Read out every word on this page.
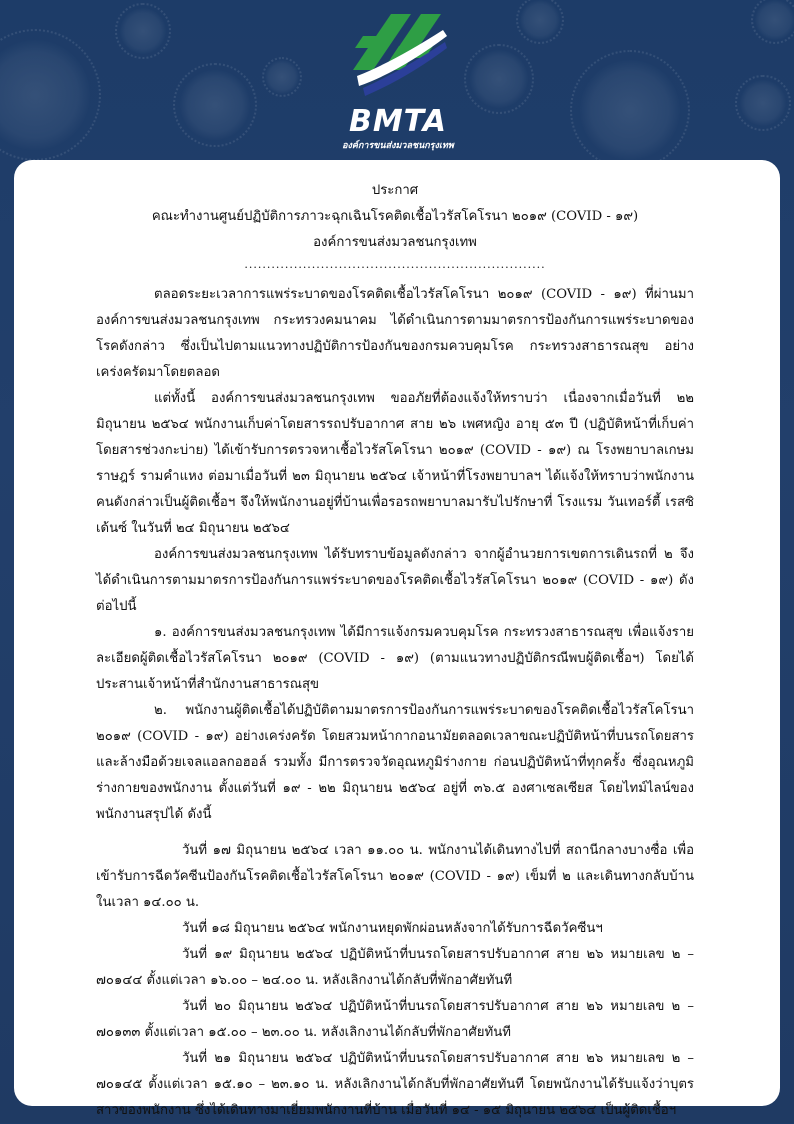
BMTA
องค์การขนส่งมวลชนกรุงเทพ
ประกาศ
คณะทำงานศูนย์ปฏิบัติการภาวะฉุกเฉินโรคติดเชื้อไวรัสโคโรนา ๒๐๑๙ (COVID - ๑๙)
องค์การขนส่งมวลชนกรุงเทพ
...................................................................

ตลอดระยะเวลาการแพร่ระบาดของโรคติดเชื้อไวรัสโคโรนา ๒๐๑๙ (COVID - ๑๙) ที่ผ่านมาองค์การขนส่งมวลชนกรุงเทพ กระทรวงคมนาคม ได้ดำเนินการตามมาตรการป้องกันการแพร่ระบาดของโรคดังกล่าว ซึ่งเป็นไปตามแนวทางปฏิบัติการป้องกันของกรมควบคุมโรค กระทรวงสาธารณสุข อย่างเคร่งครัดมาโดยตลอด

แต่ทั้งนี้ องค์การขนส่งมวลชนกรุงเทพ ขออภัยที่ต้องแจ้งให้ทราบว่า เนื่องจากเมื่อวันที่ ๒๒ มิถุนายน ๒๕๖๔ พนักงานเก็บค่าโดยสารรถปรับอากาศ สาย ๒๖ เพศหญิง อายุ ๕๓ ปี (ปฏิบัติหน้าที่เก็บค่าโดยสารช่วงกะบ่าย) ได้เข้ารับการตรวจหาเชื้อไวรัสโคโรนา ๒๐๑๙ (COVID - ๑๙) ณ โรงพยาบาลเกษมราษฎร์ รามคำแหง ต่อมาเมื่อวันที่ ๒๓ มิถุนายน ๒๕๖๔ เจ้าหน้าที่โรงพยาบาลฯ ได้แจ้งให้ทราบว่าพนักงานคนดังกล่าวเป็นผู้ติดเชื้อฯ จึงให้พนักงานอยู่ที่บ้านเพื่อรอรถพยาบาลมารับไปรักษาที่ โรงแรม วันเทอร์ตี้ เรสซิเด้นซ์ ในวันที่ ๒๔ มิถุนายน ๒๕๖๔

องค์การขนส่งมวลชนกรุงเทพ ได้รับทราบข้อมูลดังกล่าว จากผู้อำนวยการเขตการเดินรถที่ ๒ จึงได้ดำเนินการตามมาตรการป้องกันการแพร่ระบาดของโรคติดเชื้อไวรัสโคโรนา ๒๐๑๙ (COVID - ๑๙) ดังต่อไปนี้

๑. องค์การขนส่งมวลชนกรุงเทพ ได้มีการแจ้งกรมควบคุมโรค กระทรวงสาธารณสุข เพื่อแจ้งรายละเอียดผู้ติดเชื้อไวรัสโคโรนา ๒๐๑๙ (COVID - ๑๙) (ตามแนวทางปฏิบัติกรณีพบผู้ติดเชื้อฯ) โดยได้ประสานเจ้าหน้าที่สำนักงานสาธารณสุข

๒. พนักงานผู้ติดเชื้อได้ปฏิบัติตามมาตรการป้องกันการแพร่ระบาดของโรคติดเชื้อไวรัสโคโรนา ๒๐๑๙ (COVID - ๑๙) อย่างเคร่งครัด โดยสวมหน้ากากอนามัยตลอดเวลาขณะปฏิบัติหน้าที่บนรถโดยสารและล้างมือด้วยเจลแอลกอฮอล์ รวมทั้ง มีการตรวจวัดอุณหภูมิร่างกาย ก่อนปฏิบัติหน้าที่ทุกครั้ง ซึ่งอุณหภูมิร่างกายของพนักงาน ตั้งแต่วันที่ ๑๙ - ๒๒ มิถุนายน ๒๕๖๔ อยู่ที่ ๓๖.๕ องศาเซลเซียส โดยไทม์ไลน์ของพนักงานสรุปได้ ดังนี้

วันที่ ๑๗ มิถุนายน ๒๕๖๔ เวลา ๑๑.๐๐ น. พนักงานได้เดินทางไปที่ สถานีกลางบางซื่อ เพื่อเข้ารับการฉีดวัคซีนป้องกันโรคติดเชื้อไวรัสโคโรนา ๒๐๑๙ (COVID - ๑๙) เข็มที่ ๒ และเดินทางกลับบ้านในเวลา ๑๔.๐๐ น.

วันที่ ๑๘ มิถุนายน ๒๕๖๔ พนักงานหยุดพักผ่อนหลังจากได้รับการฉีดวัคซีนฯ

วันที่ ๑๙ มิถุนายน ๒๕๖๔ ปฏิบัติหน้าที่บนรถโดยสารปรับอากาศ สาย ๒๖ หมายเลข ๒ – ๗๐๑๔๔ ตั้งแต่เวลา ๑๖.๐๐ – ๒๔.๐๐ น. หลังเลิกงานได้กลับที่พักอาศัยทันที

วันที่ ๒๐ มิถุนายน ๒๕๖๔ ปฏิบัติหน้าที่บนรถโดยสารปรับอากาศ สาย ๒๖ หมายเลข ๒ – ๗๐๑๓๓ ตั้งแต่เวลา ๑๕.๐๐ – ๒๓.๐๐ น. หลังเลิกงานได้กลับที่พักอาศัยทันที

วันที่ ๒๑ มิถุนายน ๒๕๖๔ ปฏิบัติหน้าที่บนรถโดยสารปรับอากาศ สาย ๒๖ หมายเลข ๒ – ๗๐๑๔๕ ตั้งแต่เวลา ๑๕.๑๐ – ๒๓.๑๐ น. หลังเลิกงานได้กลับที่พักอาศัยทันที โดยพนักงานได้รับแจ้งว่าบุตรสาวของพนักงาน ซึ่งได้เดินทางมาเยี่ยมพนักงานที่บ้าน เมื่อวันที่ ๑๔ - ๑๕ มิถุนายน ๒๕๖๔ เป็นผู้ติดเชื้อฯ
